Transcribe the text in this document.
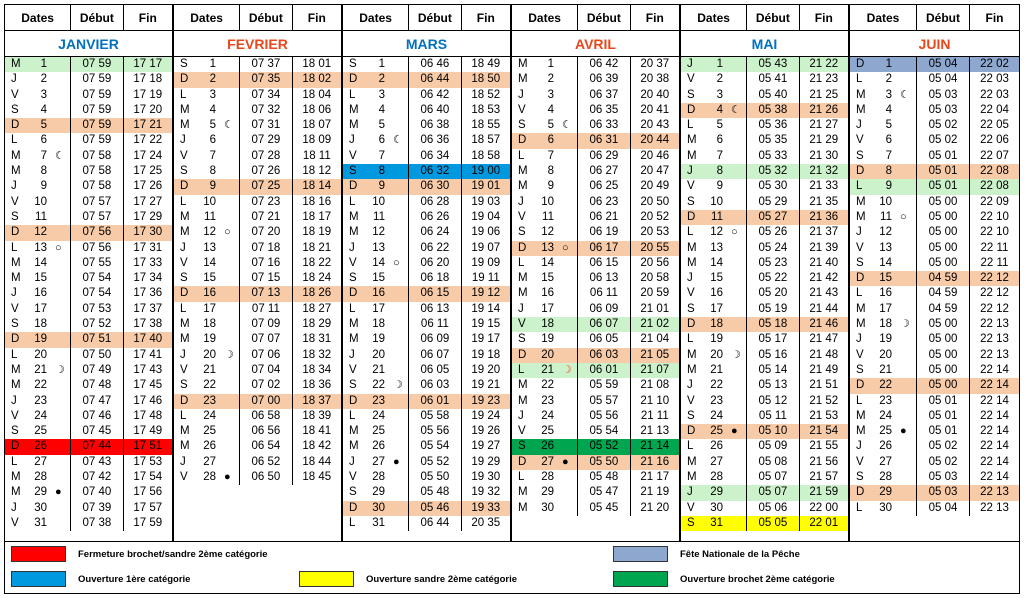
Dates	Début	Fin
JANVIER
M	1	07 59	17 17
J	2	07 59	17 18
V	3	07 59	17 19
S	4	07 59	17 20
D	5	07 59	17 21
L	6	07 59	17 22
M	7 ☾	07 58	17 24
M	8	07 58	17 25
J	9	07 58	17 26
V 10	07 57	17 27
S 11	07 57	17 29
D 12	07 56	17 30
L 13 ○	07 56	17 31
M 14	07 55	17 33
M 15	07 54	17 34
J 16	07 54	17 36
V 17	07 53	17 37
S 18	07 52	17 38
D 19	07 51	17 40
L 20	07 50	17 41
M 21 ☽	07 49	17 43
M 22	07 48	17 45
J 23	07 47	17 46
V 24	07 46	17 48
S 25	07 45	17 49
D 26	07 44	17 51
L 27	07 43	17 53
M 28	07 42	17 54
M 29 ●	07 40	17 56
J 30	07 39	17 57
V 31	07 38	17 59
Dates	Début	Fin
FEVRIER
S	1	07 37	18 01
D	2	07 35	18 02
L	3	07 34	18 04
M	4	07 32	18 06
M	5 ☾	07 31	18 07
J	6	07 29	18 09
V	7	07 28	18 11
S	8	07 26	18 12
D	9	07 25	18 14
L 10	07 23	18 16
M 11	07 21	18 17
M 12 ○	07 20	18 19
J 13	07 18	18 21
V 14	07 16	18 22
S 15	07 15	18 24
D 16	07 13	18 26
L 17	07 11	18 27
M 18	07 09	18 29
M 19	07 07	18 31
J 20 ☽	07 06	18 32
V 21	07 04	18 34
S 22	07 02	18 36
D 23	07 00	18 37
L 24	06 58	18 39
M 25	06 56	18 41
M 26	06 54	18 42
J 27	06 52	18 44
V 28 ●	06 50	18 45
Dates	Début	Fin
MARS
S	1	06 46	18 49
D	2	06 44	18 50
L	3	06 42	18 52
M	4	06 40	18 53
M	5	06 38	18 55
J	6 ☾	06 36	18 57
V	7	06 34	18 58
S	8	06 32	19 00
D	9	06 30	19 01
L 10	06 28	19 03
M 11	06 26	19 04
M 12	06 24	19 06
J 13	06 22	19 07
V 14 ○	06 20	19 09
S 15	06 18	19 11
D 16	06 15	19 12
L 17	06 13	19 14
M 18	06 11	19 15
M 19	06 09	19 17
J 20	06 07	19 18
V 21	06 05	19 20
S 22 ☽	06 03	19 21
D 23	06 01	19 23
L 24	05 58	19 24
M 25	05 56	19 26
M 26	05 54	19 27
J 27 ●	05 52	19 29
V 28	05 50	19 30
S 29	05 48	19 32
D 30	05 46	19 33
L 31	06 44	20 35
Dates	Début	Fin
AVRIL
M	1	06 42	20 37
M	2	06 39	20 38
J	3	06 37	20 40
V	4	06 35	20 41
S	5 ☾	06 33	20 43
D	6	06 31	20 44
L	7	06 29	20 46
M	8	06 27	20 47
M	9	06 25	20 49
J 10	06 23	20 50
V 11	06 21	20 52
S 12	06 19	20 53
D 13 ○	06 17	20 55
L 14	06 15	20 56
M 15	06 13	20 58
M 16	06 11	20 59
J 17	06 09	21 01
V 18	06 07	21 02
S 19	06 05	21 04
D 20	06 03	21 05
L 21 ☽	06 01	21 07
M 22	05 59	21 08
M 23	05 57	21 10
J 24	05 56	21 11
V 25	05 54	21 13
S 26	05 52	21 14
D 27 ●	05 50	21 16
L 28	05 48	21 17
M 29	05 47	21 19
M 30	05 45	21 20
Dates	Début	Fin
MAI
J	1	05 43	21 22
V	2	05 41	21 23
S	3	05 40	21 25
D	4 ☾	05 38	21 26
L	5	05 36	21 27
M	6	05 35	21 29
M	7	05 33	21 30
J	8	05 32	21 32
V	9	05 30	21 33
S 10	05 29	21 35
D 11	05 27	21 36
L 12 ○	05 26	21 37
M 13	05 24	21 39
M 14	05 23	21 40
J 15	05 22	21 42
V 16	05 20	21 43
S 17	05 19	21 44
D 18	05 18	21 46
L 19	05 17	21 47
M 20 ☽	05 16	21 48
M 21	05 14	21 49
J 22	05 13	21 51
V 23	05 12	21 52
S 24	05 11	21 53
D 25 ●	05 10	21 54
L 26	05 09	21 55
M 27	05 08	21 56
M 28	05 07	21 57
J 29	05 07	21 59
V 30	05 06	22 00
S 31	05 05	22 01
Dates	Début	Fin
JUIN
D	1	05 04	22 02
L	2	05 04	22 03
M	3 ☾	05 03	22 03
M	4	05 03	22 04
J	5	05 02	22 05
V	6	05 02	22 06
S	7	05 01	22 07
D	8	05 01	22 08
L	9	05 01	22 08
M 10	05 00	22 09
M 11 ○	05 00	22 10
J 12	05 00	22 10
V 13	05 00	22 11
S 14	05 00	22 11
D 15	04 59	22 12
L 16	04 59	22 12
M 17	04 59	22 12
M 18 ☽	05 00	22 13
J 19	05 00	22 13
V 20	05 00	22 13
S 21	05 00	22 14
D 22	05 00	22 14
L 23	05 01	22 14
M 24	05 01	22 14
M 25 ●	05 01	22 14
J 26	05 02	22 14
V 27	05 02	22 14
S 28	05 03	22 14
D 29	05 03	22 13
L 30	05 04	22 13
Fermeture brochet/sandre 2ème catégorie
Ouverture 1ère catégorie	Ouverture sandre 2ème catégorie
Fête Nationale de la Pêche
Ouverture brochet 2ème catégorie
